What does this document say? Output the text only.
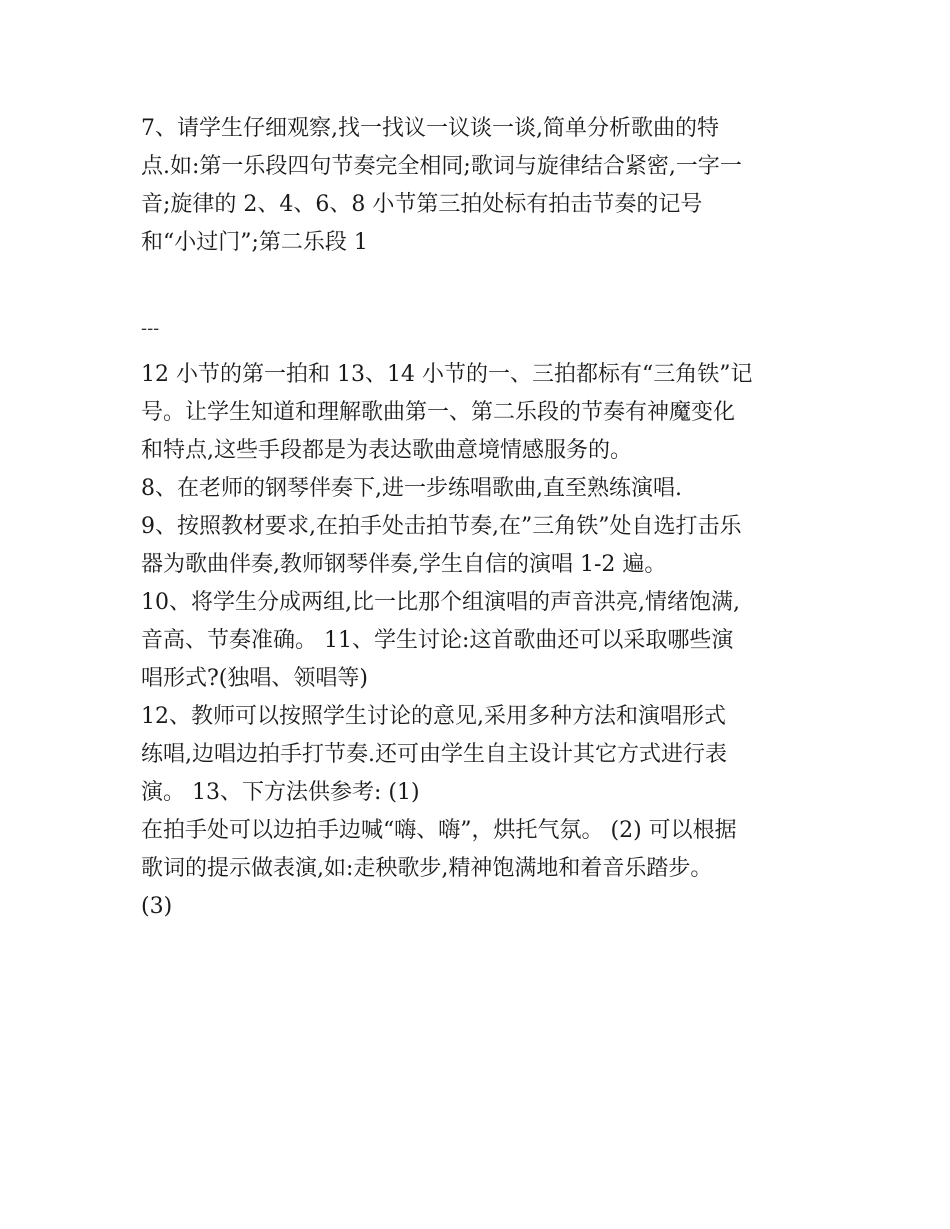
7、请学生仔细观察,找一找议一议谈一谈,简单分析歌曲的特
点.如:第一乐段四句节奏完全相同;歌词与旋律结合紧密,一字一
音;旋律的 2、4、6、8 小节第三拍处标有拍击节奏的记号
和“小过门”;第二乐段 1
---
12 小节的第一拍和 13、14 小节的一、三拍都标有“三角铁”记
号。让学生知道和理解歌曲第一、第二乐段的节奏有神魔变化
和特点,这些手段都是为表达歌曲意境情感服务的。
8、在老师的钢琴伴奏下,进一步练唱歌曲,直至熟练演唱.
9、按照教材要求,在拍手处击拍节奏,在”三角铁”处自选打击乐
器为歌曲伴奏,教师钢琴伴奏,学生自信的演唱 1-2 遍。
10、将学生分成两组,比一比那个组演唱的声音洪亮,情绪饱满,
音高、节奏准确。 11、学生讨论:这首歌曲还可以采取哪些演
唱形式?(独唱、领唱等)
12、教师可以按照学生讨论的意见,采用多种方法和演唱形式
练唱,边唱边拍手打节奏.还可由学生自主设计其它方式进行表
演。 13、下方法供参考: (1)
在拍手处可以边拍手边喊“嗨、嗨”，烘托气氛。 (2) 可以根据
歌词的提示做表演,如:走秧歌步,精神饱满地和着音乐踏步。
(3)
